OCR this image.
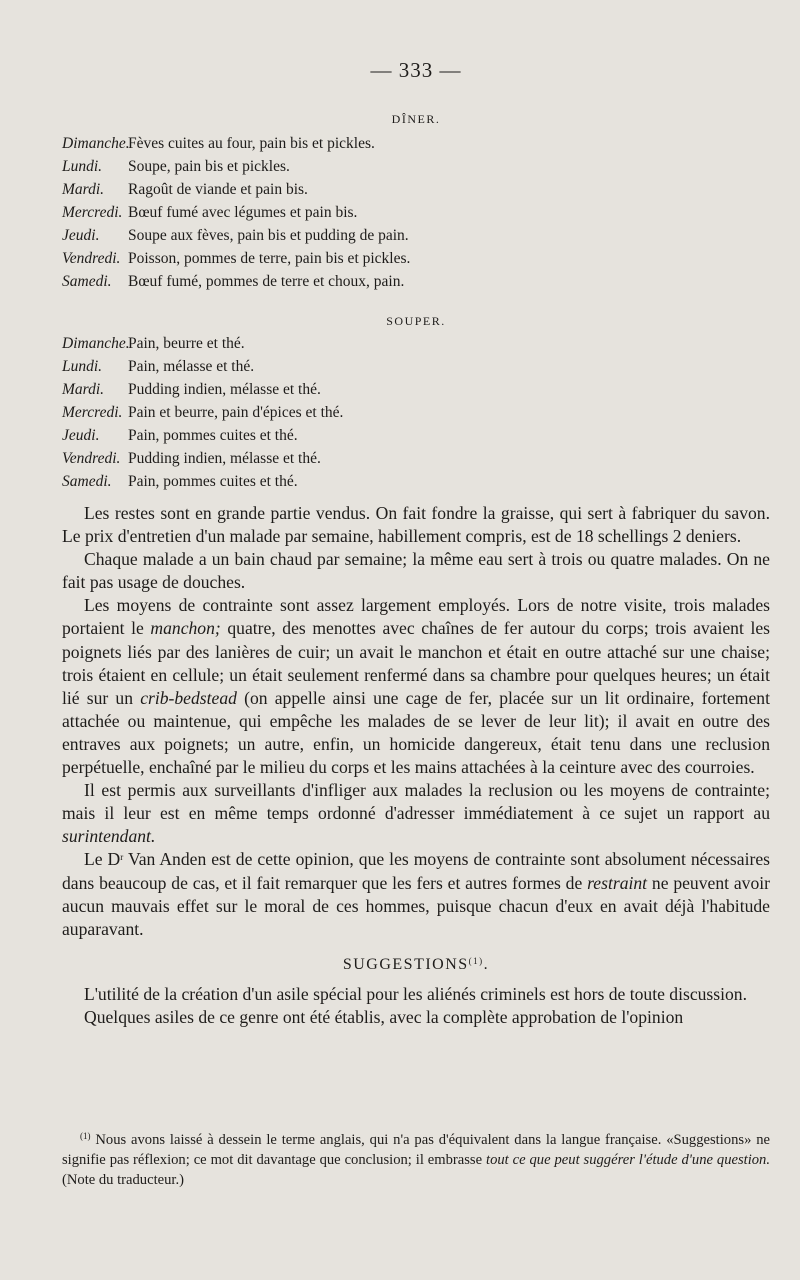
— 333 —
DÎNER.
Dimanche.Fèves cuites au four, pain bis et pickles.
Lundi. Soupe, pain bis et pickles.
Mardi. Ragoût de viande et pain bis.
Mercredi. Bœuf fumé avec légumes et pain bis.
Jeudi. Soupe aux fèves, pain bis et pudding de pain.
Vendredi. Poisson, pommes de terre, pain bis et pickles.
Samedi. Bœuf fumé, pommes de terre et choux, pain.
SOUPER.
Dimanche.Pain, beurre et thé.
Lundi. Pain, mélasse et thé.
Mardi. Pudding indien, mélasse et thé.
Mercredi. Pain et beurre, pain d'épices et thé.
Jeudi. Pain, pommes cuites et thé.
Vendredi. Pudding indien, mélasse et thé.
Samedi. Pain, pommes cuites et thé.

Les restes sont en grande partie vendus. On fait fondre la graisse, qui sert à fabriquer du savon. Le prix d'entretien d'un malade par semaine, habillement compris, est de 18 schellings 2 deniers.

Chaque malade a un bain chaud par semaine; la même eau sert à trois ou quatre malades. On ne fait pas usage de douches.

Les moyens de contrainte sont assez largement employés. Lors de notre visite, trois malades portaient le manchon; quatre, des menottes avec chaînes de fer autour du corps; trois avaient les poignets liés par des lanières de cuir; un avait le manchon et était en outre attaché sur une chaise; trois étaient en cellule; un était seulement renfermé dans sa chambre pour quelques heures; un était lié sur un crib-bedstead (on appelle ainsi une cage de fer, placée sur un lit ordinaire, fortement attachée ou maintenue, qui empêche les malades de se lever de leur lit); il avait en outre des entraves aux poignets; un autre, enfin, un homicide dangereux, était tenu dans une reclusion perpétuelle, enchaîné par le milieu du corps et les mains attachées à la ceinture avec des courroies.

Il est permis aux surveillants d'infliger aux malades la reclusion ou les moyens de contrainte; mais il leur est en même temps ordonné d'adresser immédiatement à ce sujet un rapport au surintendant.

Le $D^r$ Van Anden est de cette opinion, que les moyens de contrainte sont absolument nécessaires dans beaucoup de cas, et il fait remarquer que les fers et autres formes de restraint ne peuvent avoir aucun mauvais effet sur le moral de ces hommes, puisque chacun d'eux en avait déjà l'habitude auparavant.

SUGGESTIONS$^{(1)}$.

L'utilité de la création d'un asile spécial pour les aliénés criminels est hors de toute discussion.

Quelques asiles de ce genre ont été établis, avec la complète approbation de l'opinion

$^{(1)}$ Nous avons laissé à dessein le terme anglais, qui n'a pas d'équivalent dans la langue française. «Suggestions» ne signifie pas réflexion; ce mot dit davantage que conclusion; il embrasse tout ce que peut suggérer l'étude d'une question. (Note du traducteur.)
